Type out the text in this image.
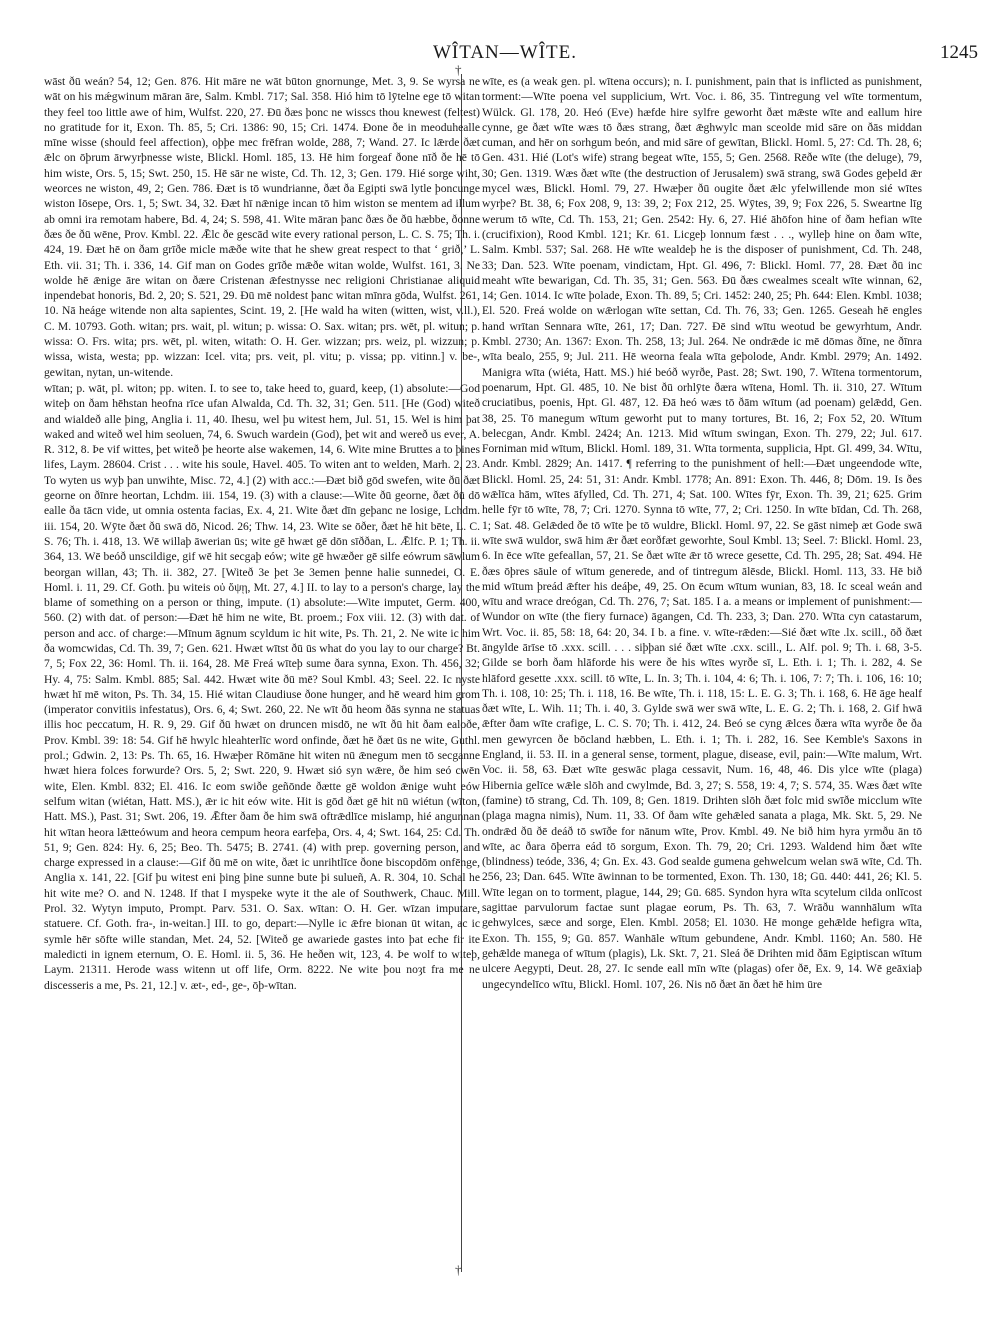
WÎTAN—WÎTE.	1245
†
†

wāst ðū weán? 54, 12; Gen. 876. Hit māre ne wāt būton gnornunge, Met. 3, 9. Se wyrsa ne wāt on his mǽgwinum māran āre, Salm. Kmbl. 717; Sal. 358. Hió him tō lȳtelne ege tō witan they feel too little awe of him, Wulfst. 220, 27. Ðū ðæs þonc ne wisscs thou knewest (feltest) no gratitude for it, Exon. Th. 85, 5; Cri. 1386: 90, 15; Cri. 1474. Ðone ðe in meoduhealle mīne wisse (should feel affection), oþþe mec frēfran wolde, 288, 7; Wand. 27. Ic lǣrde ðæt ǣlc on ōþrum ārwyrþnesse wiste, Blickl. Homl. 185, 13. Hē him forgeaf ðone nīð ðe hē tō him wiste, Ors. 5, 15; Swt. 250, 15. Hē sār ne wiste, Cd. Th. 12, 3; Gen. 179. Hié sorge wiht, weorces ne wiston, 49, 2; Gen. 786. Ðæt is tō wundrianne, ðæt ða Egipti swā lytle þoncunge wiston Iōsepe, Ors. 1, 5; Swt. 34, 32. Ðæt hī nǣnige incan tō him wiston se mentem ad illum ab omni ira remotam habere, Bd. 4, 24; S. 598, 41. Wite māran þanc ðæs ðe ðū hæbbe, ðonne ðæs ðe ðū wēne, Prov. Kmbl. 22. Ǣlc ðe gescād wite every rational person, L. C. S. 75; Th. i. 424, 19. Ðæt hē on ðam grīðe micle mǣðe wite that he shew great respect to that ‘ grið,’ L. Eth. vii. 31; Th. i. 336, 14. Gif man on Godes grīðe mǣðe witan wolde, Wulfst. 161, 3. Ne wolde hē ǣnige āre witan on ðære Cristenan ǣfestnysse nec religioni Christianae aliquid inpendebat honoris, Bd. 2, 20; S. 521, 29. Ðū mē noldest þanc witan mīnra gōda, Wulfst. 261, 10. Nā heáge witende non alta sapientes, Scint. 19, 2. [He wald ha witen (witten, wist, v.ll.), C. M. 10793. Goth. witan; prs. wait, pl. witun; p. wissa: O. Sax. witan; prs. wēt, pl. witun; p. wissa: O. Frs. wita; prs. wēt, pl. witen, witath: O. H. Ger. wizzan; prs. weiz, pl. wizzun; p. wissa, wista, westa; pp. wizzan: Icel. vita; prs. veit, pl. vitu; p. vissa; pp. vitinn.] v. be-, gewitan, nytan, un-witende.

wītan; p. wāt, pl. witon; pp. witen. I. to see to, take heed to, guard, keep, (1) absolute:—God witeþ on ðam hēhstan heofna rīce ufan Alwalda, Cd. Th. 32, 31; Gen. 511. [He (God) witeð and wialdeð alle þing, Anglia i. 11, 40. Ihesu, wel þu witest hem, Jul. 51, 15. Wel is him þat waked and witeð wel him seoluen, 74, 6. Swuch wardein (God), þet wit and wereð us ever, A. R. 312, 8. Þe vif wittes, þet witeð þe heorte alse wakemen, 14, 6. Wite mine Bruttes a to þines lifes, Laym. 28604. Crist . . . wite his soule, Havel. 405. To witen ant to welden, Marh. 2, 23. To wyten us wyþ þan unwihte, Misc. 72, 4.] (2) with acc.:—Ðæt bið gōd swefen, wite ðū ðæt georne on ðīnre heortan, Lchdm. iii. 154, 19. (3) with a clause:—Wite ðū georne, ðæt ðū dō ealle ða tācn vide, ut omnia ostenta facias, Ex. 4, 21. Wite ðæt dīn geþanc ne losige, Lchdm. iii. 154, 20. Wȳte ðæt ðū swā dō, Nicod. 26; Thw. 14, 23. Wite se ōðer, ðæt hē hit bēte, L. C. S. 76; Th. i. 418, 13. Wē willaþ āwerian ūs; wite gē hwæt gē dōn sīððan, L. Ǣlfc. P. 1; Th. ii. 364, 13. Wē beóð unscildige, gif wē hit secgaþ eów; wite gē hwæðer gē silfe eówrum sāwlum beorgan willan, 43; Th. ii. 382, 27. [Witeð 3e þet 3e 3emen þenne halie sunnedei, O. E. Homl. i. 11, 29. Cf. Goth. þu witeis οὐ ὄψῃ, Mt. 27, 4.] II. to lay to a person's charge, lay the blame of something on a person or thing, impute. (1) absolute:—Wite imputet, Germ. 400, 560. (2) with dat. of person:—Ðæt hē him ne wite, Bt. proem.; Fox viii. 12. (3) with dat. of person and acc. of charge:—Mīnum āgnum scyldum ic hit wite, Ps. Th. 21, 2. Ne wite ic him ða womcwidas, Cd. Th. 39, 7; Gen. 621. Hwæt wītst ðū ūs what do you lay to our charge? Bt. 7, 5; Fox 22, 36: Homl. Th. ii. 164, 28. Mē Freá wīteþ sume ðara synna, Exon. Th. 456, 32; Hy. 4, 75: Salm. Kmbl. 885; Sal. 442. Hwæt wite ðū mē? Soul Kmbl. 43; Seel. 22. Ic nyste hwæt hī mē witon, Ps. Th. 34, 15. Hié witan Claudiuse ðone hunger, and hē weard him grom (imperator convitiis infestatus), Ors. 6, 4; Swt. 260, 22. Ne wīt ðū heom ðās synna ne statuas illis hoc peccatum, H. R. 9, 29. Gif ðū hwæt on druncen misdō, ne wīt ðū hit ðam ealoðe, Prov. Kmbl. 39: 18: 54. Gif hē hwylc hleahterlīc word onfinde, ðæt hē ðæt ūs ne wite, Guthl. prol.; Gdwin. 2, 13: Ps. Th. 65, 16. Hwæþer Rōmāne hit witen nū ǣnegum men tō secganne hwæt hiera folces forwurde? Ors. 5, 2; Swt. 220, 9. Hwæt sió syn wǣre, ðe him seó cwēn wite, Elen. Kmbl. 832; El. 416. Ic eom swiðe geñōnde ðætte gē woldon ǣnige wuht eów selfum witan (wiétan, Hatt. MS.), ǣr ic hit eów wite. Hit is gōd ðæt gē hit nū wiétun (wīton, Hatt. MS.), Past. 31; Swt. 206, 19. Ǣfter ðam ðe him swā oftrǣdlīce mislamp, hié angunnan hit wītan heora lǣtteówum and heora cempum heora earfeþa, Ors. 4, 4; Swt. 164, 25: Cd. Th. 51, 9; Gen. 824: Hy. 6, 25; Beo. Th. 5475; B. 2741. (4) with prep. governing person, and charge expressed in a clause:—Gif ðū mē on wite, ðæt ic unrihtlīce ðone biscopdōm onfēnge, Anglia x. 141, 22. [Gif þu witest eni þing þine sunne bute þi sulueñ, A. R. 304, 10. Schal he hit wite me? O. and N. 1248. If that I myspeke wyte it the ale of Southwerk, Chauc. Mill. Prol. 32. Wytyn imputo, Prompt. Parv. 531. O. Sax. wītan: O. H. Ger. wīzan imputare, statuere. Cf. Goth. fra-, in-weitan.] III. to go, depart:—Nylle ic ǣfre bionan ūt witan, ac ic symle hēr sōfte wille standan, Met. 24, 52. [Witeð ge awariede gastes into þat eche fir ite maledicti in ignem eternum, O. E. Homl. ii. 5, 36. He heðen wit, 123, 4. Þe wolf to witeþ, Laym. 21311. Herode wass witenn ut off life, Orm. 8222. Ne wite þou noȝt fra me ne discesseris a me, Ps. 21, 12.] v. æt-, ed-, ge-, ōþ-wītan.

wīte, es (a weak gen. pl. wītena occurs); n. I. punishment, pain that is inflicted as punishment, torment:—Wīte poena vel supplicium, Wrt. Voc. i. 86, 35. Tintregung vel wīte tormentum, Wülck. Gl. 178, 20. Heó (Eve) hæfde hire sylfre geworht ðæt mǣste wīte and eallum hire cynne, ge ðæt wīte wæs tō ðæs strang, ðæt ǣghwylc man sceolde mid sāre on ðās middan cuman, and hēr on sorhgum beón, and mid sāre of gewītan, Blickl. Homl. 5, 27: Cd. Th. 28, 6; Gen. 431. Hié (Lot's wife) strang begeat wīte, 155, 5; Gen. 2568. Rēðe wīte (the deluge), 79, 30; Gen. 1319. Wæs ðæt wīte (the destruction of Jerusalem) swā strang, swā Godes geþeld ǣr mycel wæs, Blickl. Homl. 79, 27. Hwæþer ðū ougite ðæt ǣlc yfelwillende mon sié wītes wyrþe? Bt. 38, 6; Fox 208, 9, 13: 39, 2; Fox 212, 25. Wȳtes, 39, 9; Fox 226, 5. Sweartne līg werum tō wīte, Cd. Th. 153, 21; Gen. 2542: Hy. 6, 27. Hié āhōfon hine of ðam hefian wīte (crucifixion), Rood Kmbl. 121; Kr. 61. Licgeþ lonnum fæst . . ., wylleþ hine on ðam wīte, Salm. Kmbl. 537; Sal. 268. Hē wīte wealdeþ he is the disposer of punishment, Cd. Th. 248, 33; Dan. 523. Wīte poenam, vindictam, Hpt. Gl. 496, 7: Blickl. Homl. 77, 28. Ðæt ðū inc meaht wīte bewarigan, Cd. Th. 35, 31; Gen. 563. Ðū ðæs cwealmes scealt wīte winnan, 62, 14; Gen. 1014. Ic wīte þolade, Exon. Th. 89, 5; Cri. 1452: 240, 25; Ph. 644: Elen. Kmbl. 1038; El. 520. Freá wolde on wǣrlogan wīte settan, Cd. Th. 76, 33; Gen. 1265. Geseah hē engles hand wrītan Sennara wīte, 261, 17; Dan. 727. Ðē sind wītu weotud be gewyrhtum, Andr. Kmbl. 2730; An. 1367: Exon. Th. 258, 13; Jul. 264. Ne ondrǣde ic mē dōmas ðīne, ne ðīnra wīta bealo, 255, 9; Jul. 211. Hē weorna feala wīta geþolode, Andr. Kmbl. 2979; An. 1492. Manigra wīta (wiéta, Hatt. MS.) hié beóð wyrðe, Past. 28; Swt. 190, 7. Wītena tormentorum, poenarum, Hpt. Gl. 485, 10. Ne bist ðū orhlȳte ðæra wītena, Homl. Th. ii. 310, 27. Wītum cruciatibus, poenis, Hpt. Gl. 487, 12. Ðā heó wæs tō ðām wītum (ad poenam) gelǣdd, Gen. 38, 25. Tō manegum wītum geworht put to many tortures, Bt. 16, 2; Fox 52, 20. Wītum belecgan, Andr. Kmbl. 2424; An. 1213. Mid wītum swingan, Exon. Th. 279, 22; Jul. 617. Forniman mid wītum, Blickl. Homl. 189, 31. Wīta tormenta, supplicia, Hpt. Gl. 499, 34. Wītu, Andr. Kmbl. 2829; An. 1417. ¶ referring to the punishment of hell:—Ðæt ungeendode wīte, Blickl. Homl. 25, 24: 51, 31: Andr. Kmbl. 1778; An. 891: Exon. Th. 446, 8; Dōm. 19. Is ðes wǣlīca hām, wītes āfylled, Cd. Th. 271, 4; Sat. 100. Wītes fȳr, Exon. Th. 39, 21; 625. Grim helle fȳr tō wīte, 78, 7; Cri. 1270. Synna tō wīte, 77, 2; Cri. 1250. In wīte bīdan, Cd. Th. 268, 1; Sat. 48. Gelǣded ðe tō wīte þe tō wuldre, Blickl. Homl. 97, 22. Se gāst nimeþ æt Gode swā wīte swā wuldor, swā him ǣr ðæt eorðfæt geworhte, Soul Kmbl. 13; Seel. 7: Blickl. Homl. 23, 6. In ēce wīte gefeallan, 57, 21. Se ðæt wīte ǣr tō wrece gesette, Cd. Th. 295, 28; Sat. 494. Hē ðæs ōþres sāule of wītum generede, and of tintregum ālēsde, Blickl. Homl. 113, 33. Hē bið mid wītum þreád ǣfter his deáþe, 49, 25. On ēcum wītum wunian, 83, 18. Ic sceal weán and wītu and wrace dreógan, Cd. Th. 276, 7; Sat. 185. I a. a means or implement of punishment:—Wundor on wīte (the fiery furnace) āgangen, Cd. Th. 233, 3; Dan. 270. Wīta cyn catastarum, Wrt. Voc. ii. 85, 58: 18, 64: 20, 34. I b. a fine. v. wīte-rǣden:—Sié ðæt wīte .lx. scill., ōð ðæt āngylde ārīse tō .xxx. scill. . . . siþþan sié ðæt wīte .cxx. scill., L. Alf. pol. 9; Th. i. 68, 3-5. Gilde se borh ðam hlāforde his were ðe his wītes wyrðe sī, L. Eth. i. 1; Th. i. 282, 4. Se hlāford gesette .xxx. scill. tō wīte, L. In. 3; Th. i. 104, 4: 6; Th. i. 106, 7: 7; Th. i. 106, 16: 10; Th. i. 108, 10: 25; Th. i. 118, 16. Be wīte, Th. i. 118, 15: L. E. G. 3; Th. i. 168, 6. Hē āge healf ðæt wīte, L. Wih. 11; Th. i. 40, 3. Gylde swā wer swā wīte, L. E. G. 2; Th. i. 168, 2. Gif hwā ǣfter ðam wīte crafige, L. C. S. 70; Th. i. 412, 24. Beó se cyng ǣlces ðæra wīta wyrðe ðe ða men gewyrcen ðe bōcland hæbben, L. Eth. i. 1; Th. i. 282, 16. See Kemble's Saxons in England, ii. 53. II. in a general sense, torment, plague, disease, evil, pain:—Wīte malum, Wrt. Voc. ii. 58, 63. Ðæt wīte geswāc plaga cessavit, Num. 16, 48, 46. Dis ylce wīte (plaga) Hibernia gelīce wǣle slōh and cwylmde, Bd. 3, 27; S. 558, 19: 4, 7; S. 574, 35. Wæs ðæt wīte (famine) tō strang, Cd. Th. 109, 8; Gen. 1819. Drihten slōh ðæt folc mid swīðe micclum wīte (plaga magna nimis), Num. 11, 33. Of ðam wīte gehǣled sanata a plaga, Mk. Skt. 5, 29. Ne ondrǣd ðū ðē deáð tō swīðe for nānum wīte, Prov. Kmbl. 49. Ne bið him hyra yrmðu ān tō wīte, ac ðara ōþerra eád tō sorgum, Exon. Th. 79, 20; Cri. 1293. Waldend him ðæt wīte (blindness) teóde, 336, 4; Gn. Ex. 43. God sealde gumena gehwelcum welan swā wīte, Cd. Th. 256, 23; Dan. 645. Wīte āwinnan to be tormented, Exon. Th. 130, 18; Gū. 440: 441, 26; Kl. 5. Wīte legan on to torment, plague, 144, 29; Gū. 685. Syndon hyra wīta scytelum cilda onlīcost sagittae parvulorum factae sunt plagae eorum, Ps. Th. 63, 7. Wrāðu wannhālum wīta gehwylces, sæce and sorge, Elen. Kmbl. 2058; El. 1030. Hē monge gehǣlde hefigra wīta, Exon. Th. 155, 9; Gū. 857. Wanhāle wītum gebundene, Andr. Kmbl. 1160; An. 580. Hē gehǣlde manega of wītum (plagis), Lk. Skt. 7, 21. Sleá ðē Drihten mid ðām Egiptiscan wītum ulcere Aegypti, Deut. 28, 27. Ic sende eall mīn wīte (plagas) ofer ðē, Ex. 9, 14. Wē geāxiaþ ungecyndelīco wītu, Blickl. Homl. 107, 26. Nis nō ðæt ān ðæt hē him ūre
